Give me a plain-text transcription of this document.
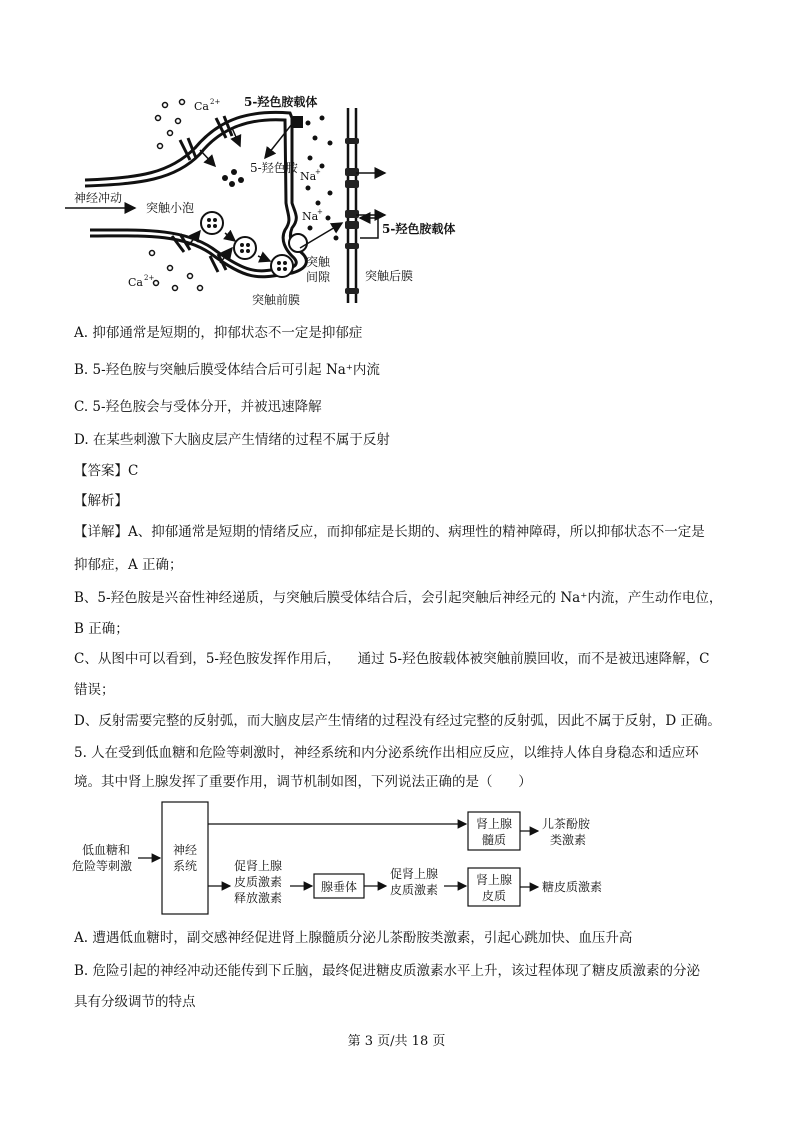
Ca 2+ 5-羟色胺载体
5-羟色胺
Na
+
神经冲动
突触小泡
Na
+
5-羟色胺载体
突触
间隙
Ca 2+	突触后膜
突触前膜
A. 抑郁通常是短期的，抑郁状态不一定是抑郁症
B. 5-羟色胺与突触后膜受体结合后可引起 Na⁺内流
C. 5-羟色胺会与受体分开，并被迅速降解
D. 在某些刺激下大脑皮层产生情绪的过程不属于反射
【答案】C
【解析】
【详解】A、抑郁通常是短期的情绪反应，而抑郁症是长期的、病理性的精神障碍，所以抑郁状态不一定是
抑郁症，A 正确；
B、5-羟色胺是兴奋性神经递质，与突触后膜受体结合后，会引起突触后神经元的 Na⁺内流，产生动作电位，
B 正确；
C、从图中可以看到，5-羟色胺发挥作用后，    通过 5-羟色胺载体被突触前膜回收，而不是被迅速降解，C
错误；
D、反射需要完整的反射弧，而大脑皮层产生情绪的过程没有经过完整的反射弧，因此不属于反射，D 正确。
5. 人在受到低血糖和危险等刺激时，神经系统和内分泌系统作出相应反应，以维持人体自身稳态和适应环
境。其中肾上腺发挥了重要作用，调节机制如图，下列说法正确的是（      ）
低血糖和
危险等刺激
神经
系统
肾上腺
髓质
儿茶酚胺
类激素
促肾上腺
皮质激素
释放激素
腺垂体
促肾上腺
皮质激素
肾上腺
皮质
糖皮质激素
A. 遭遇低血糖时，副交感神经促进肾上腺髓质分泌儿茶酚胺类激素，引起心跳加快、血压升高
B. 危险引起的神经冲动还能传到下丘脑，最终促进糖皮质激素水平上升，该过程体现了糖皮质激素的分泌
具有分级调节的特点
第 3 页/共 18 页
